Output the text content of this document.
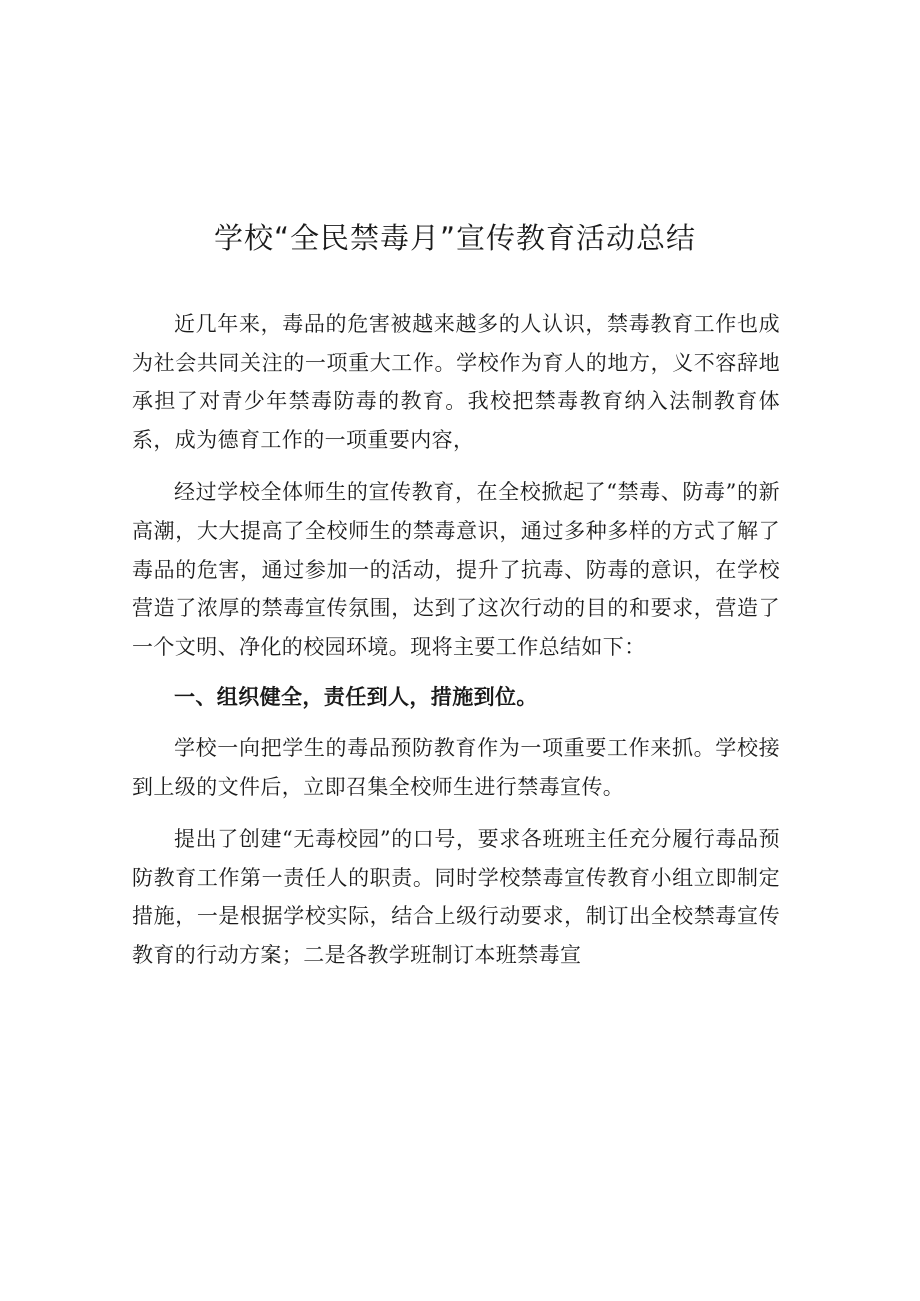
学校“全民禁毒月”宣传教育活动总结

近几年来，毒品的危害被越来越多的人认识，禁毒教育工作也成为社会共同关注的一项重大工作。学校作为育人的地方，义不容辞地承担了对青少年禁毒防毒的教育。我校把禁毒教育纳入法制教育体系，成为德育工作的一项重要内容，

经过学校全体师生的宣传教育，在全校掀起了“禁毒、防毒”的新高潮，大大提高了全校师生的禁毒意识，通过多种多样的方式了解了毒品的危害，通过参加一的活动，提升了抗毒、防毒的意识，在学校营造了浓厚的禁毒宣传氛围，达到了这次行动的目的和要求，营造了一个文明、净化的校园环境。现将主要工作总结如下：

一、组织健全，责任到人，措施到位。

学校一向把学生的毒品预防教育作为一项重要工作来抓。学校接到上级的文件后，立即召集全校师生进行禁毒宣传。

提出了创建“无毒校园”的口号，要求各班班主任充分履行毒品预防教育工作第一责任人的职责。同时学校禁毒宣传教育小组立即制定措施，一是根据学校实际，结合上级行动要求，制订出全校禁毒宣传教育的行动方案；二是各教学班制订本班禁毒宣
